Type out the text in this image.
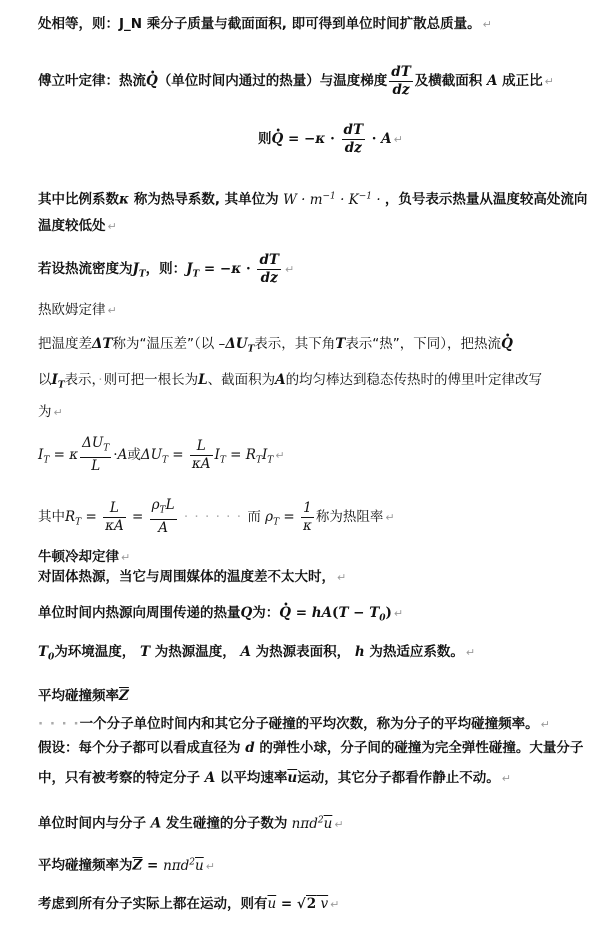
处相等，则：J_N 乘分子质量与截面面积, 即可得到单位时间扩散总质量。 ↵
傅立叶定律：热流• Q（单位时间内通过的热量）与温度梯度 $\frac{dT}{dz}$ 及横截面积 A 成正比 ↵
则• $Q = -\kappa \cdot \frac{dT}{dz} \cdot A$ ↵
其中比例系数κ 称为热导系数, 其单位为 $W \cdot m^{-1} \cdot K^{-1}$ · ，负号表示热量从温度较高处流向
温度较低处 ↵
若设热流密度为$J_T$，则：$J_T = -\kappa \cdot \frac{dT}{dz}$ ↵
热欧姆定律 ↵
把温度差ΔT称为“温压差”（以 $-\Delta U_T$表示，其下角T表示“热”，下同），把热流• Q
以$I_T$表示，·则可把一根长为L、截面积为A的均匀棒达到稳态传热时的傅里叶定律改写
为 ↵
$I_T = \kappa \frac{\Delta U_T}{L} \cdot A$或$\Delta U_T = \frac{L}{\kappa A} I_T = R_TI_T$ ↵
其中$R_T = \frac{L}{\kappa A} = \frac{\rho_TL}{A}$ · · · · · · 而 $\rho_T = \frac{1}{\kappa}$ 称为热阻率 ↵
牛顿冷却定律 ↵
对固体热源，当它与周围媒体的温度差不太大时， ↵
单位时间内热源向周围传递的热量Q为：• $Q = hA(T - T_0)$ ↵
$T_0$为环境温度， T 为热源温度， A 为热源表面积， h 为热适应系数。 ↵
平均碰撞频率$\overline{Z}$
· · · ·一个分子单位时间内和其它分子碰撞的平均次数，称为分子的平均碰撞频率。 ↵
假设：每个分子都可以看成直径为 d 的弹性小球，分子间的碰撞为完全弹性碰撞。大量分子
中，只有被考察的特定分子 A 以平均速率$\overline{u}$运动，其它分子都看作静止不动。 ↵
单位时间内与分子 A 发生碰撞的分子数为 $n\pi d^2\overline{u}$ ↵
平均碰撞频率为$\overline{Z} = n\pi d^2\overline{u}$ ↵
考虑到所有分子实际上都在运动，则有$\overline{u} = √2$ v ↵
